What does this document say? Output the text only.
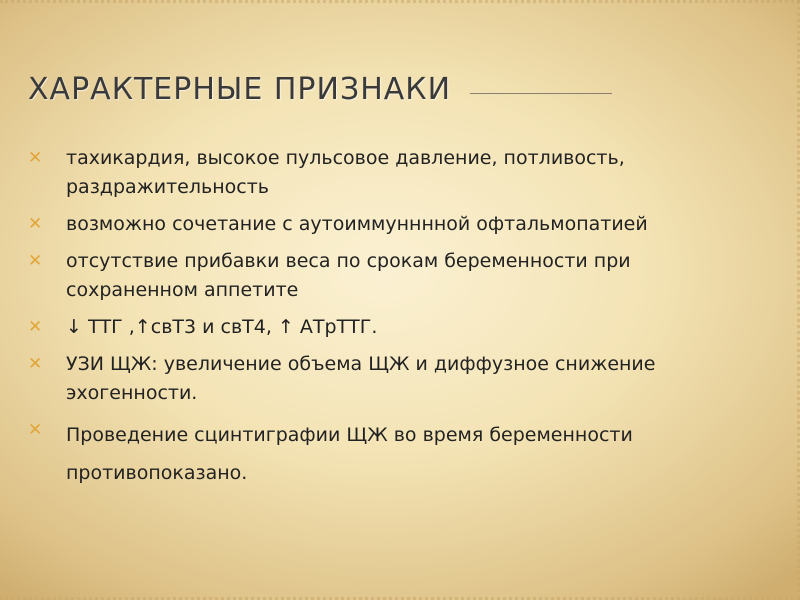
ХАРАКТЕРНЫЕ ПРИЗНАКИ
✕ тахикардия, высокое пульсовое давление, потливость, раздражительность
✕ возможно сочетание с аутоиммунннной офтальмопатией
✕ отсутствие прибавки веса по срокам беременности при сохраненном аппетите
✕ ↓ ТТГ ,↑свТ3 и свТ4, ↑ АТрТТГ.
✕ УЗИ ЩЖ: увеличение объема ЩЖ и диффузное снижение эхогенности.
✕ Проведение сцинтиграфии ЩЖ во время беременности противопоказано.
